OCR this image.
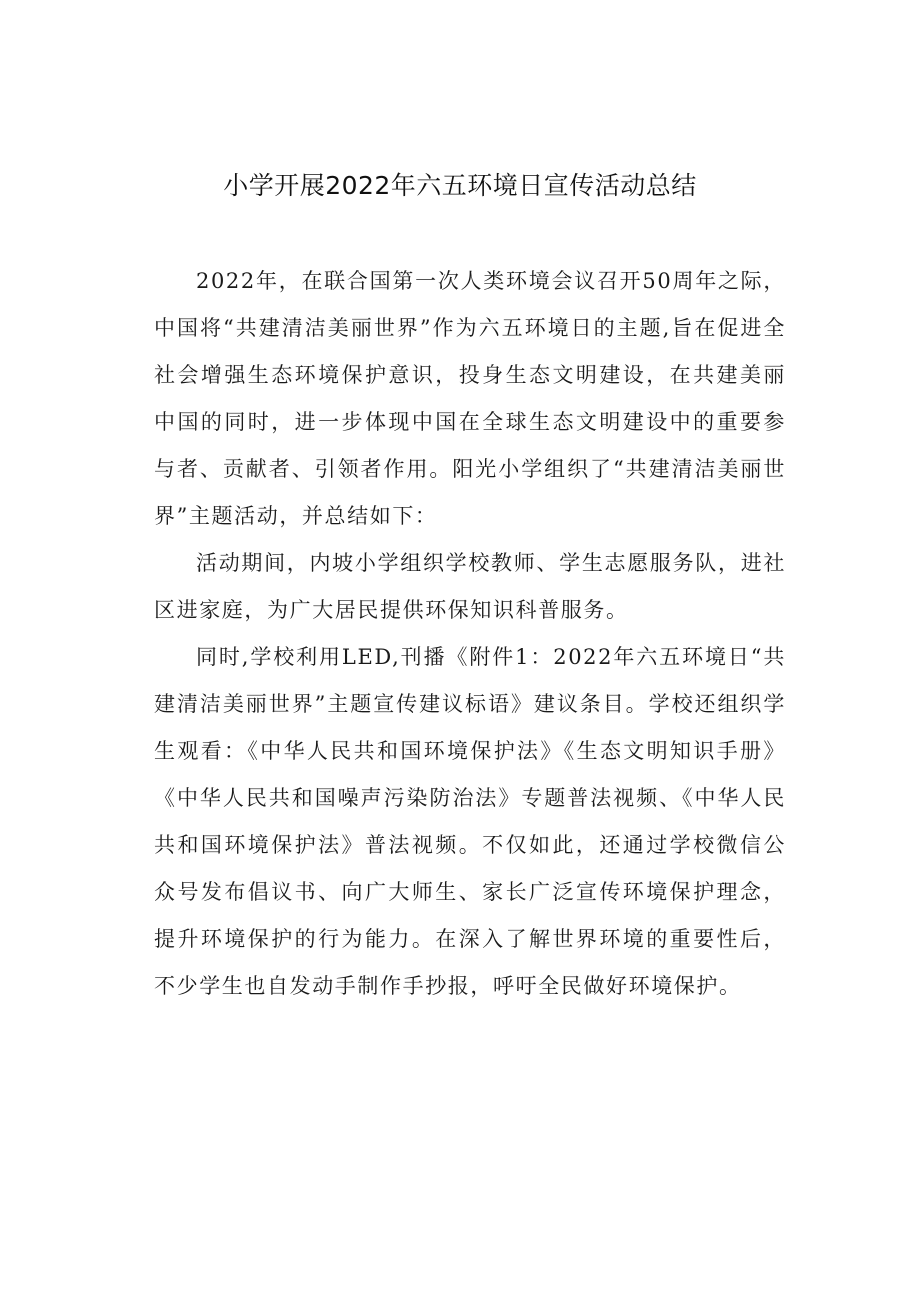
小学开展2022年六五环境日宣传活动总结

2022年，在联合国第一次人类环境会议召开50周年之际，中国将“共建清洁美丽世界”作为六五环境日的主题,旨在促进全社会增强生态环境保护意识，投身生态文明建设，在共建美丽中国的同时，进一步体现中国在全球生态文明建设中的重要参与者、贡献者、引领者作用。阳光小学组织了“共建清洁美丽世界”主题活动，并总结如下：

活动期间，内坡小学组织学校教师、学生志愿服务队，进社区进家庭，为广大居民提供环保知识科普服务。

同时,学校利用LED,刊播《附件1：2022年六五环境日“共建清洁美丽世界”主题宣传建议标语》建议条目。学校还组织学生观看：《中华人民共和国环境保护法》《生态文明知识手册》《中华人民共和国噪声污染防治法》专题普法视频、《中华人民共和国环境保护法》普法视频。不仅如此，还通过学校微信公众号发布倡议书、向广大师生、家长广泛宣传环境保护理念，提升环境保护的行为能力。在深入了解世界环境的重要性后，不少学生也自发动手制作手抄报，呼吁全民做好环境保护。
